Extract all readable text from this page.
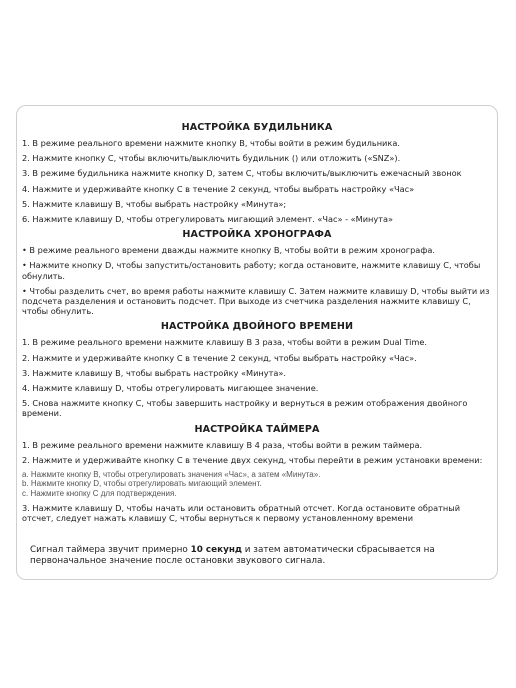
НАСТРОЙКА БУДИЛЬНИКА
1. В режиме реального времени нажмите кнопку В, чтобы войти в режим будильника.
2. Нажмите кнопку С, чтобы включить/выключить будильник () или отложить («SNZ»).
3. В режиме будильника нажмите кнопку D, затем С, чтобы включить/выключить ежечасный звонок
4. Нажмите и удерживайте кнопку С в течение 2 секунд, чтобы выбрать настройку «Час»
5. Нажмите клавишу В, чтобы выбрать настройку «Минута»;
6. Нажмите клавишу D, чтобы отрегулировать мигающий элемент. «Час» - «Минута»
НАСТРОЙКА ХРОНОГРАФА
• В режиме реального времени дважды нажмите кнопку В, чтобы войти в режим хронографа.
• Нажмите кнопку D, чтобы запустить/остановить работу; когда остановите, нажмите клавишу С, чтобы обнулить.
• Чтобы разделить счет, во время работы нажмите клавишу С. Затем нажмите клавишу D, чтобы выйти из подсчета разделения и остановить подсчет. При выходе из счетчика разделения нажмите клавишу С, чтобы обнулить.
НАСТРОЙКА ДВОЙНОГО ВРЕМЕНИ
1. В режиме реального времени нажмите клавишу В 3 раза, чтобы войти в режим Dual Time.
2. Нажмите и удерживайте кнопку С в течение 2 секунд, чтобы выбрать настройку «Час».
3. Нажмите клавишу В, чтобы выбрать настройку «Минута».
4. Нажмите клавишу D, чтобы отрегулировать мигающее значение.
5. Снова нажмите кнопку С, чтобы завершить настройку и вернуться в режим отображения двойного времени.
НАСТРОЙКА ТАЙМЕРА
1. В режиме реального времени нажмите клавишу В 4 раза, чтобы войти в режим таймера.
2. Нажмите и удерживайте кнопку С в течение двух секунд, чтобы перейти в режим установки времени:
a. Нажмите кнопку В, чтобы отрегулировать значения «Час», а затем «Минута».
b. Нажмите кнопку D, чтобы отрегулировать мигающий элемент.
c. Нажмите кнопку С для подтверждения.
3. Нажмите клавишу D, чтобы начать или остановить обратный отсчет. Когда остановите обратный отсчет, следует нажать клавишу С, чтобы вернуться к первому установленному времени
Сигнал таймера звучит примерно 10 секунд и затем автоматически сбрасывается на первоначальное значение после остановки звукового сигнала.
